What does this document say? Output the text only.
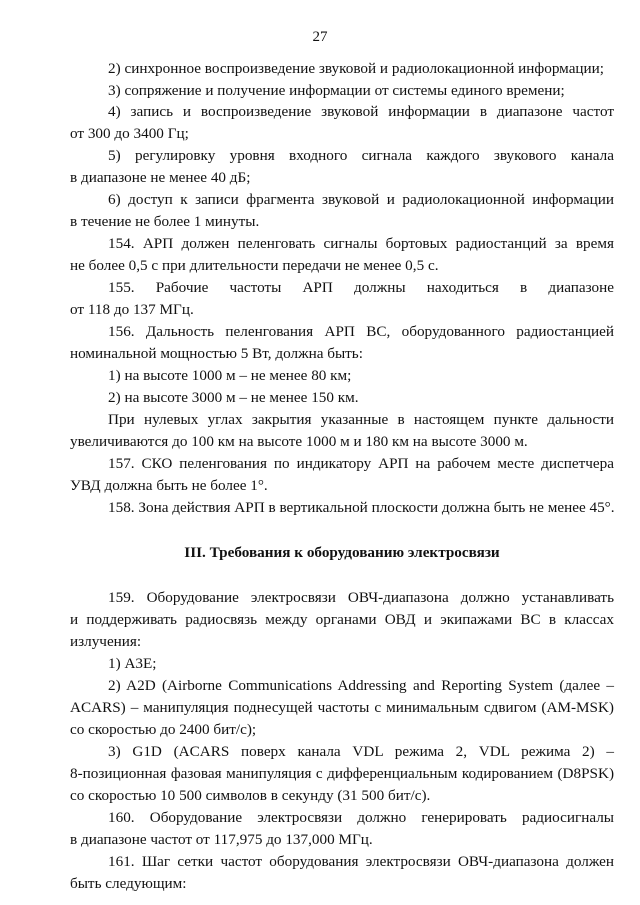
27
2) синхронное воспроизведение звуковой и радиолокационной информации;
3) сопряжение и получение информации от системы единого времени;
4) запись и воспроизведение звуковой информации в диапазоне частот
от 300 до 3400 Гц;
5) регулировку уровня входного сигнала каждого звукового канала
в диапазоне не менее 40 дБ;
6) доступ к записи фрагмента звуковой и радиолокационной информации
в течение не более 1 минуты.
154. АРП должен пеленговать сигналы бортовых радиостанций за время
не более 0,5 с при длительности передачи не менее 0,5 с.
155. Рабочие частоты АРП должны находиться в диапазоне
от 118 до 137 МГц.
156. Дальность пеленгования АРП ВС, оборудованного радиостанцией
номинальной мощностью 5 Вт, должна быть:
1) на высоте 1000 м – не менее 80 км;
2) на высоте 3000 м – не менее 150 км.
При нулевых углах закрытия указанные в настоящем пункте дальности
увеличиваются до 100 км на высоте 1000 м и 180 км на высоте 3000 м.
157. СКО пеленгования по индикатору АРП на рабочем месте диспетчера
УВД должна быть не более 1°.
158. Зона действия АРП в вертикальной плоскости должна быть не менее 45°.
III. Требования к оборудованию электросвязи
159. Оборудование электросвязи ОВЧ-диапазона должно устанавливать
и поддерживать радиосвязь между органами ОВД и экипажами ВС в классах
излучения:
1) А3Е;
2) A2D (Airborne Communications Addressing and Reporting System (далее –
ACARS) – манипуляция поднесущей частоты с минимальным сдвигом (AM-MSK)
со скоростью до 2400 бит/с);
3) G1D (ACARS поверх канала VDL режима 2, VDL режима 2) –
8-позиционная фазовая манипуляция с дифференциальным кодированием (D8PSK)
со скоростью 10 500 символов в секунду (31 500 бит/с).
160. Оборудование электросвязи должно генерировать радиосигналы
в диапазоне частот от 117,975 до 137,000 МГц.
161. Шаг сетки частот оборудования электросвязи ОВЧ-диапазона должен
быть следующим:
